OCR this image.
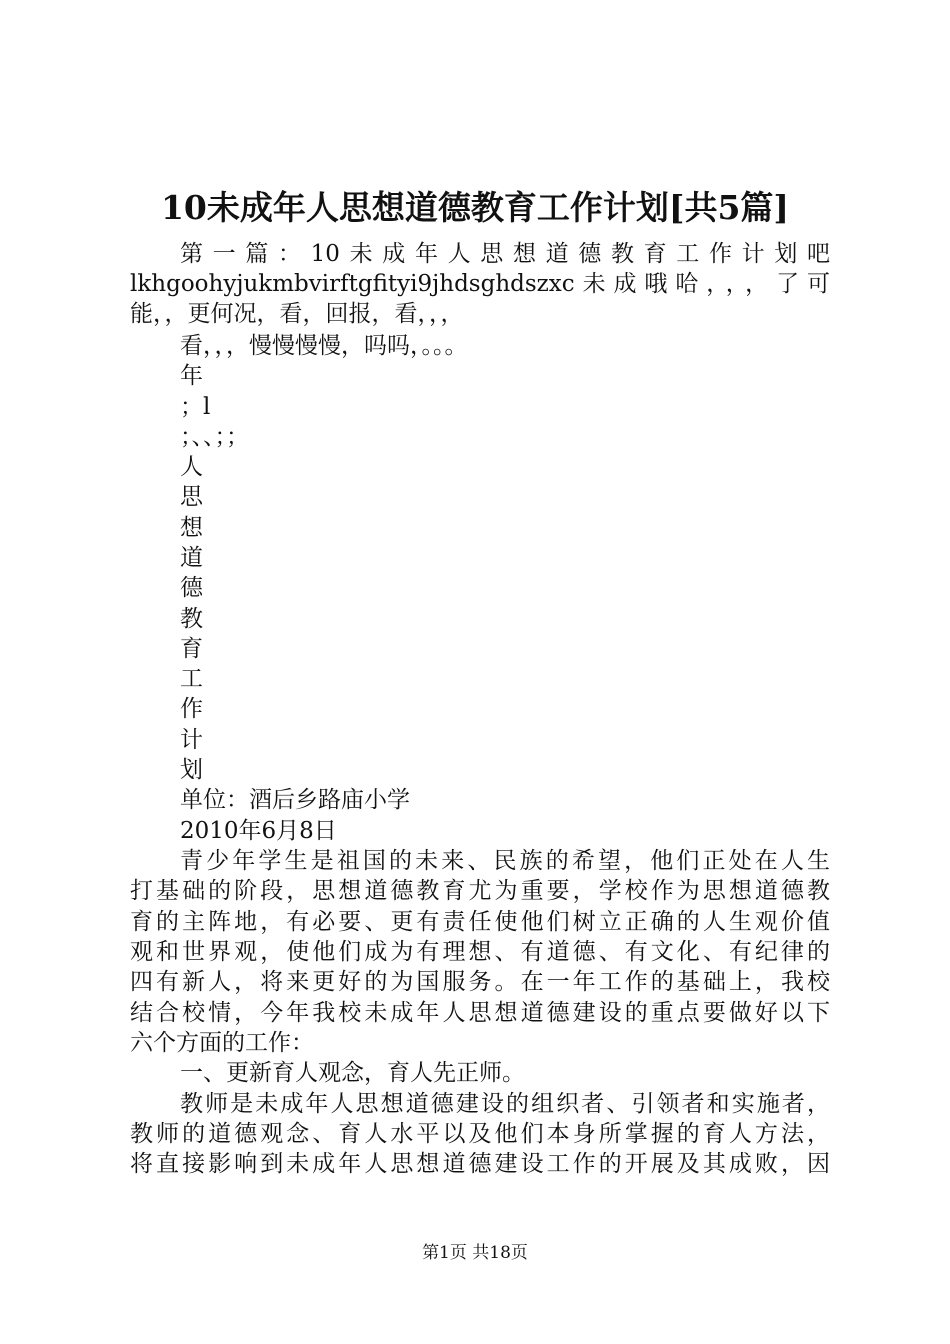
10未成年人思想道德教育工作计划[共5篇]
第一篇：10未成年人思想道德教育工作计划吧
lkhgoohyjukmbvirftgfityi9jhdsghdszxc未成哦哈，，，了可
能，，更何况，看，回报，看，，，
看，，，慢慢慢慢，吗吗，。。。
年
；l
；、、；；
人
思
想
道
德
教
育
工
作
计
划
单位：酒后乡路庙小学
2010年6月8日
青少年学生是祖国的未来、民族的希望，他们正处在人生
打基础的阶段，思想道德教育尤为重要，学校作为思想道德教
育的主阵地，有必要、更有责任使他们树立正确的人生观价值
观和世界观，使他们成为有理想、有道德、有文化、有纪律的
四有新人，将来更好的为国服务。在一年工作的基础上，我校
结合校情，今年我校未成年人思想道德建设的重点要做好以下
六个方面的工作：
一、更新育人观念，育人先正师。
教师是未成年人思想道德建设的组织者、引领者和实施者，
教师的道德观念、育人水平以及他们本身所掌握的育人方法，
将直接影响到未成年人思想道德建设工作的开展及其成败，因
第1页 共18页
